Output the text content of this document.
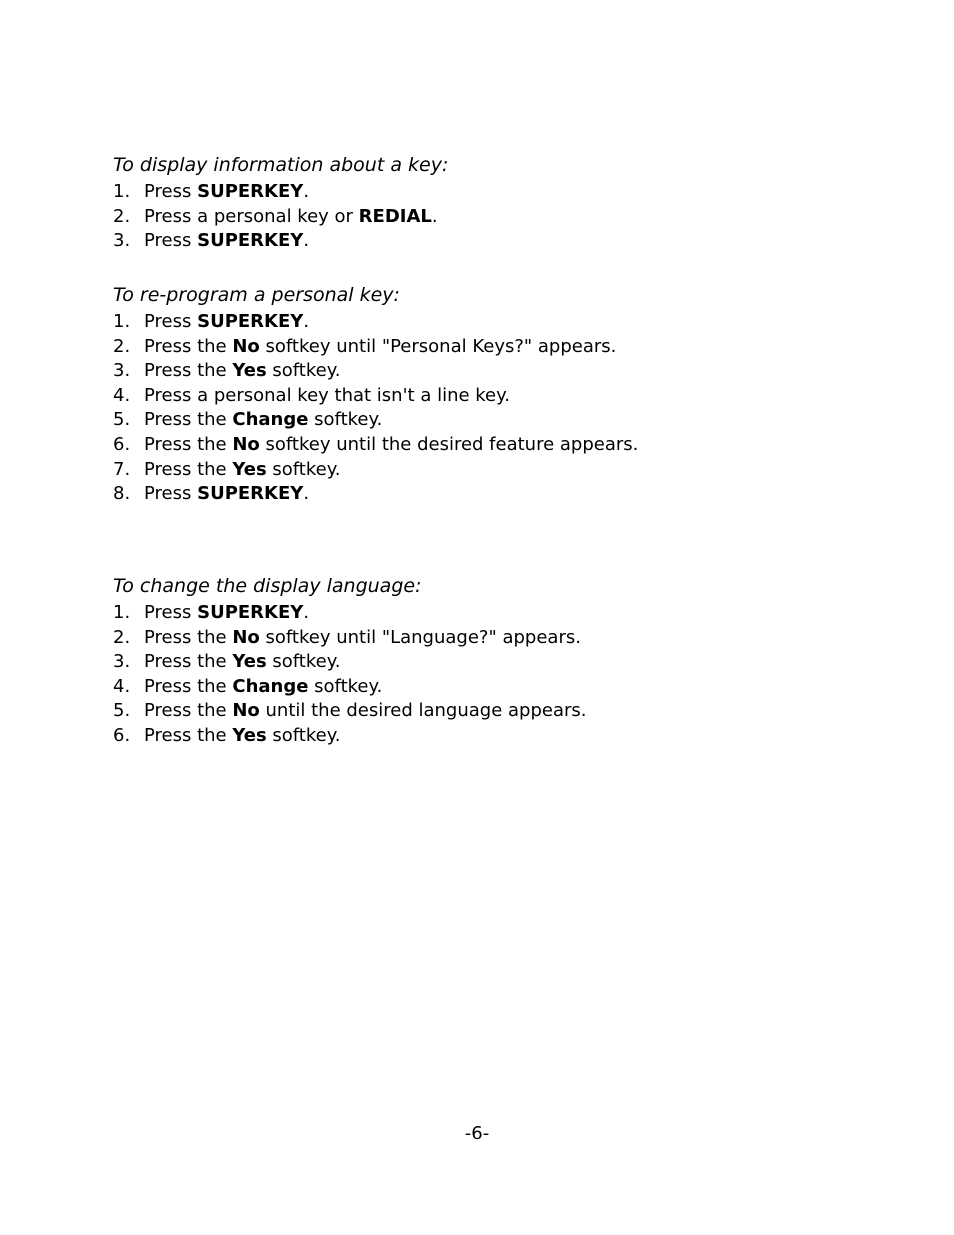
To display information about a key:

1. Press SUPERKEY.
2. Press a personal key or REDIAL.
3. Press SUPERKEY.

To re-program a personal key:

1. Press SUPERKEY.
2. Press the No softkey until "Personal Keys?" appears.
3. Press the Yes softkey.
4. Press a personal key that isn't a line key.
5. Press the Change softkey.
6. Press the No softkey until the desired feature appears.
7. Press the Yes softkey.
8. Press SUPERKEY.

To change the display language:

1. Press SUPERKEY.
2. Press the No softkey until "Language?" appears.
3. Press the Yes softkey.
4. Press the Change softkey.
5. Press the No until the desired language appears.
6. Press the Yes softkey.
-6-
